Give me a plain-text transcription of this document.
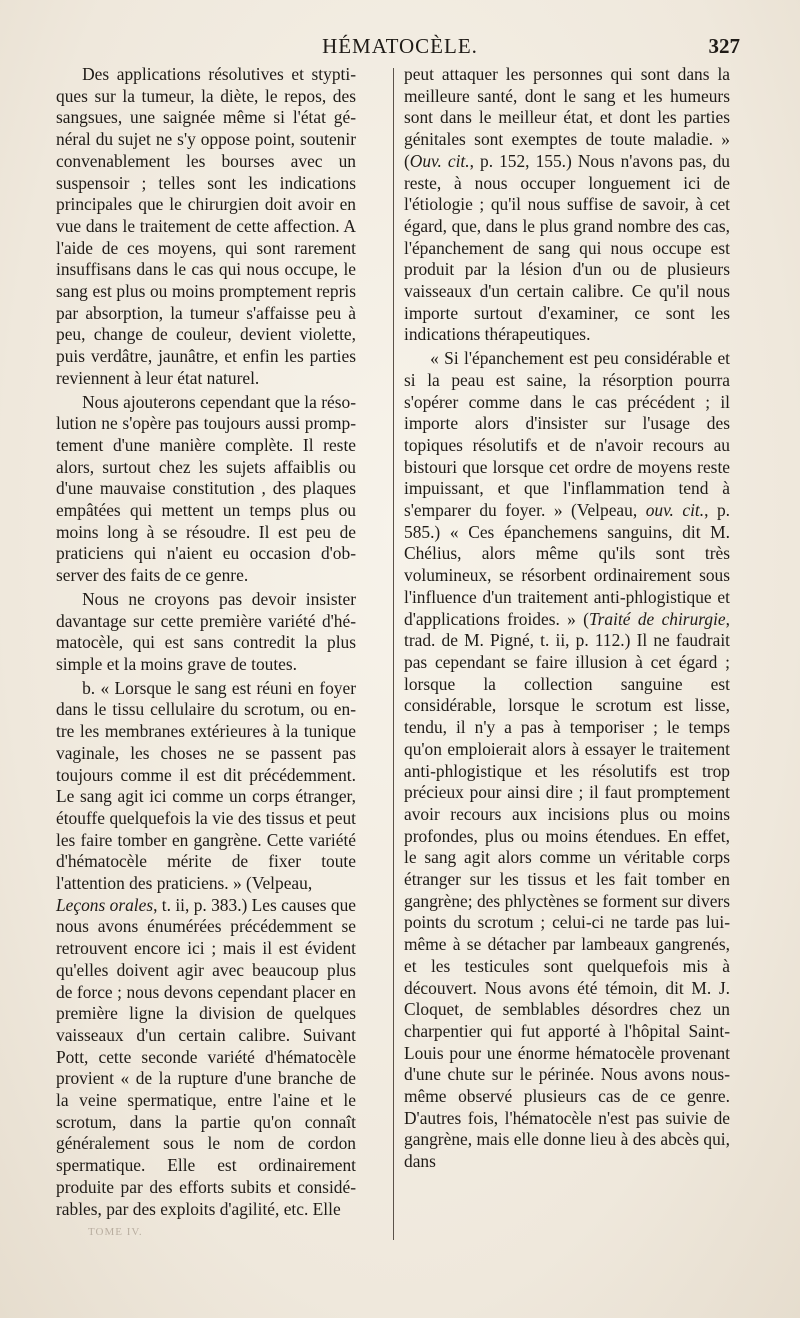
HÉMATOCÈLE.	327

Des applications résolutives et styptiques sur la tumeur, la diète, le repos, des sangsues, une saignée même si l'état général du sujet ne s'y oppose point, soutenir convenablement les bourses avec un suspensoir ; telles sont les indications principales que le chirurgien doit avoir en vue dans le traitement de cette affection. A l'aide de ces moyens, qui sont rarement insuffisans dans le cas qui nous occupe, le sang est plus ou moins promptement repris par absorption, la tumeur s'affaisse peu à peu, change de couleur, devient violette, puis verdâtre, jaunâtre, et enfin les parties reviennent à leur état naturel.

Nous ajouterons cependant que la résolution ne s'opère pas toujours aussi promptement d'une manière complète. Il reste alors, surtout chez les sujets affaiblis ou d'une mauvaise constitution , des plaques empâtées qui mettent un temps plus ou moins long à se résoudre. Il est peu de praticiens qui n'aient eu occasion d'observer des faits de ce genre.

Nous ne croyons pas devoir insister davantage sur cette première variété d'hématocèle, qui est sans contredit la plus simple et la moins grave de toutes.

b. « Lorsque le sang est réuni en foyer dans le tissu cellulaire du scrotum, ou entre les membranes extérieures à la tunique vaginale, les choses ne se passent pas toujours comme il est dit précédemment. Le sang agit ici comme un corps étranger, étouffe quelquefois la vie des tissus et peut les faire tomber en gangrène. Cette variété d'hématocèle mérite de fixer toute l'attention des praticiens. » (Velpeau,
Leçons orales, t. ii, p. 383.) Les causes que nous avons énumérées précédemment se retrouvent encore ici ; mais il est évident qu'elles doivent agir avec beaucoup plus de force ; nous devons cependant placer en première ligne la division de quelques vaisseaux d'un certain calibre. Suivant Pott, cette seconde variété d'hématocèle provient « de la rupture d'une branche de la veine spermatique, entre l'aine et le scrotum, dans la partie qu'on connaît généralement sous le nom de cordon spermatique. Elle est ordinairement produite par des efforts subits et considérables, par des exploits d'agilité, etc. Elle

peut attaquer les personnes qui sont dans la meilleure santé, dont le sang et les humeurs sont dans le meilleur état, et dont les parties génitales sont exemptes de toute maladie. » (Ouv. cit., p. 152, 155.) Nous n'avons pas, du reste, à nous occuper longuement ici de l'étiologie ; qu'il nous suffise de savoir, à cet égard, que, dans le plus grand nombre des cas, l'épanchement de sang qui nous occupe est produit par la lésion d'un ou de plusieurs vaisseaux d'un certain calibre. Ce qu'il nous importe surtout d'examiner, ce sont les indications thérapeutiques.

« Si l'épanchement est peu considérable et si la peau est saine, la résorption pourra s'opérer comme dans le cas précédent ; il importe alors d'insister sur l'usage des topiques résolutifs et de n'avoir recours au bistouri que lorsque cet ordre de moyens reste impuissant, et que l'inflammation tend à s'emparer du foyer. » (Velpeau, ouv. cit., p. 585.) « Ces épanchemens sanguins, dit M. Chélius, alors même qu'ils sont très volumineux, se résorbent ordinairement sous l'influence d'un traitement anti-phlogistique et d'applications froides. » (Traité de chirurgie, trad. de M. Pigné, t. ii, p. 112.) Il ne faudrait pas cependant se faire illusion à cet égard ; lorsque la collection sanguine est considérable, lorsque le scrotum est lisse, tendu, il n'y a pas à temporiser ; le temps qu'on emploierait alors à essayer le traitement anti-phlogistique et les résolutifs est trop précieux pour ainsi dire ; il faut promptement avoir recours aux incisions plus ou moins profondes, plus ou moins étendues. En effet, le sang agit alors comme un véritable corps étranger sur les tissus et les fait tomber en gangrène; des phlyctènes se forment sur divers points du scrotum ; celui-ci ne tarde pas lui-même à se détacher par lambeaux gangrenés, et les testicules sont quelquefois mis à découvert. Nous avons été témoin, dit M. J. Cloquet, de semblables désordres chez un charpentier qui fut apporté à l'hôpital Saint-Louis pour une énorme hématocèle provenant d'une chute sur le périnée. Nous avons nous-même observé plusieurs cas de ce genre. D'autres fois, l'hématocèle n'est pas suivie de gangrène, mais elle donne lieu à des abcès qui, dans

TOME IV.
